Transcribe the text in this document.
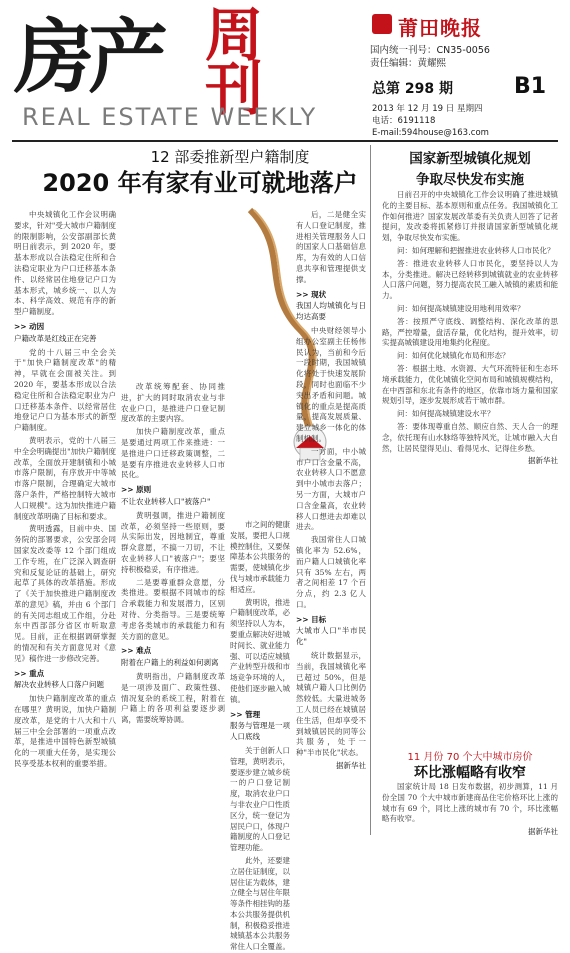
房产 周
刊
REAL ESTATE WEEKLY
莆田晚报
国内统一刊号：CN35-0056
责任编辑：黄耀熙
总第 298 期	B1
2013 年 12 月 19 日 星期四
电话：6191118
E-mail:594house@163.com
12 部委推新型户籍制度
2020 年有家有业可就地落户

中央城镇化工作会议明确要求，针对"受大城市户籍制度的限制影响，公安部副部长黄明日前表示，到 2020 年，要基本形成以合法稳定住所和合法稳定职业为户口迁移基本条件、以经常居住地登记户口为基本形式，城乡统一、以人为本、科学高效、规范有序的新型户籍制度。

>> 动因
户籍改革是红线正在完善

党的十八届三中全会关于"加快户籍制度改革"的精神，早就在会面被关注。到 2020 年，要基本形成以合法稳定住所和合法稳定职业为户口迁移基本条件、以经常居住地登记户口为基本形式的新型户籍制度。

黄明表示，党的十八届三中全会明确提出"加快户籍制度改革，全面放开建制镇和小城市落户限制，有序放开中等城市落户限制，合理确定大城市落户条件，严格控制特大城市人口规模"。这为加快推进户籍制度改革明确了目标和要求。

黄明透露，目前中央、国务院的部署要求，公安部会同国家发改委等 12 个部门组成工作专班，在广泛深入调查研究和反复论证的基础上，研究起草了具体的改革措施。形成了《关于加快推进户籍制度改革的意见》稿，并由 6 个部门的有关同志组成工作组，分赴东中西部部分省区市听取意见。目前，正在根据调研掌握的情况和有关方面意见对《意见》稿作进一步修改完善。

>> 重点
解决农业转移人口落户问题

加快户籍制度改革的重点在哪里？黄明说，加快户籍制度改革，是党的十八大和十八届三中全会部署的一项重点改革，是推进中国特色新型城镇化的一项重大任务，是实现公民享受基本权利的重要举措。

改革统筹配套、协同推进，扩大的同时取消农业与非农业户口，是推进户口登记制度改革的主要内容。

加快户籍制度改革，重点是要通过两项工作来推进：一是推进户口迁移政策调整，二是要有序推进农业转移人口市民化。

>> 原则
不让农业转移人口"被落户"

黄明强调，推进户籍制度改革，必须坚持一些原则，要从实际出发，因地制宜，尊重群众意愿，不搞一刀切，不让农业转移人口"被落户"；要坚持积极稳妥，有序推进。

二是要尊重群众意愿，分类推进。要根据不同城市的综合承载能力和发展潜力，区别对待、分类指导。三是要统筹考虑各类城市的承载能力和有关方面的意见。

>> 难点
附着在户籍上的利益如何剥离

黄明指出，户籍制度改革是一项涉及面广、政策性强、情况复杂的系统工程，附着在户籍上的各项利益要逐步剥离，需要统筹协调。

市之间的健康发展，要把人口规模控制住，又要保障基本公共服务的需要，使城镇化步伐与城市承载能力相适应。

黄明说，推进户籍制度改革，必须坚持以人为本，要重点解决好进城时间长、就业能力强、可以适应城镇产业转型升级和市场竞争环境的人，使他们逐步融入城镇。

>> 管理
服务与管理是一项人口底线

关于创新人口管理，黄明表示，要逐步建立城乡统一的户口登记制度，取消农业户口与非农业户口性质区分，统一登记为居民户口，体现户籍制度的人口登记管理功能。

此外，还要建立居住证制度，以居住证为载体，建立健全与居住年限等条件相挂钩的基本公共服务提供机制，积极稳妥推进城镇基本公共服务常住人口全覆盖。

后，二是健全实有人口登记制度，推进相关管理服务人口的国家人口基础信息库，为有效的人口信息共享和管理提供支撑。

>> 现状
我国人均城镇化与日均达高要

中央财经领导小组办公室副主任杨伟民认为，当前和今后一段时期，我国城镇化将处于快速发展阶段，同时也面临不少突出矛盾和问题。城镇化的重点是提高质量，提高发展质量、建立城乡一体化的体制机制。

一方面，中小城市户口含金量不高，农业转移人口不愿意到中小城市去落户；另一方面，大城市户口含金量高，农业转移人口想进去却难以进去。

我国常住人口城镇化率为 52.6%，而户籍人口城镇化率只有 35% 左右，两者之间相差 17 个百分点，约 2.3 亿人口。

>> 目标
大城市人口"半市民化"

统计数据显示，当前，我国城镇化率已超过 50%，但是城镇户籍人口比例仍然较低。大量进城务工人员已经在城镇居住生活，但却享受不到城镇居民的同等公共服务，处于一种"半市民化"状态。

据新华社
国家新型城镇化规划
争取尽快发布实施

日前召开的中央城镇化工作会议明确了推进城镇化的主要目标、基本原则和重点任务。我国城镇化工作如何推进？国家发展改革委有关负责人回答了记者提问，发改委将抓紧修订并报请国家新型城镇化规划，争取尽快发布实施。

问：如何理解和把握推进农业转移人口市民化？

答：推进农业转移人口市民化，要坚持以人为本，分类推进。解决已经转移到城镇就业的农业转移人口落户问题，努力提高农民工融入城镇的素质和能力。

问：如何提高城镇建设用地利用效率？

答：按照严守底线、调整结构、深化改革的思路，严控增量，盘活存量，优化结构，提升效率，切实提高城镇建设用地集约化程度。

问：如何优化城镇化布局和形态？

答：根据土地、水资源、大气环流特征和生态环境承载能力，优化城镇化空间布局和城镇规模结构，在中西部和东北有条件的地区，依靠市场力量和国家规划引导，逐步发展形成若干城市群。

问：如何提高城镇建设水平？

答：要体现尊重自然、顺应自然、天人合一的理念，依托现有山水脉络等独特风光，让城市融入大自然，让居民望得见山、看得见水、记得住乡愁。

据新华社
11 月份 70 个大中城市房价
环比涨幅略有收窄

国家统计局 18 日发布数据，初步测算，11 月份全国 70 个大中城市新建商品住宅价格环比上涨的城市有 69 个，同比上涨的城市有 70 个，环比涨幅略有收窄。

据新华社
